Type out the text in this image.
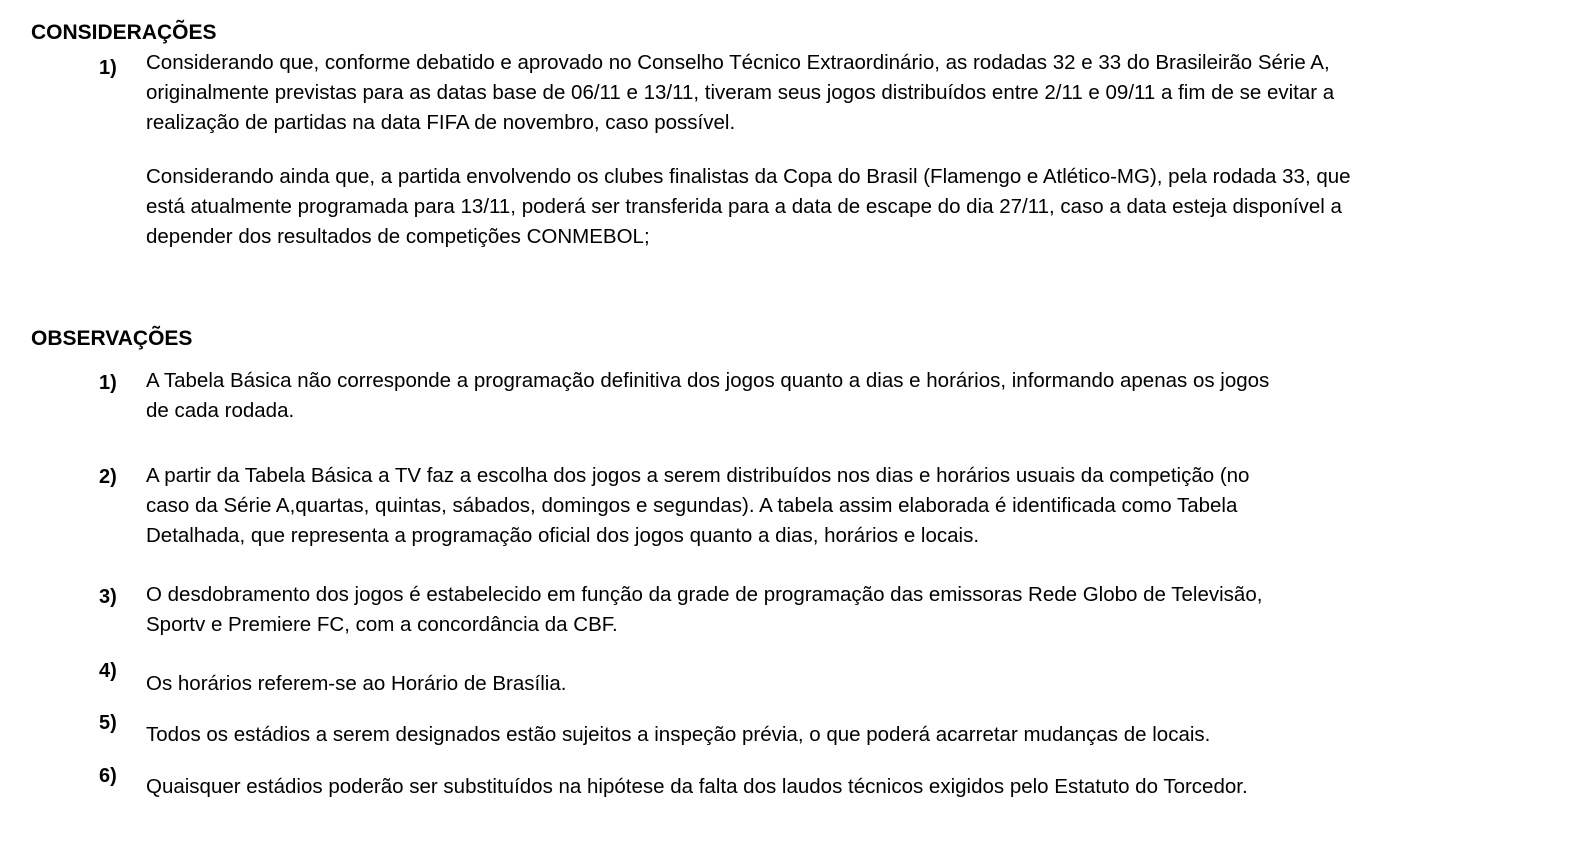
CONSIDERAÇÕES
1) Considerando que, conforme debatido e aprovado no Conselho Técnico Extraordinário, as rodadas 32 e 33 do Brasileirão Série A,
originalmente previstas para as datas base de 06/11 e 13/11, tiveram seus jogos distribuídos entre 2/11 e 09/11 a fim de se evitar a
realização de partidas na data FIFA de novembro, caso possível.

Considerando ainda que, a partida envolvendo os clubes finalistas da Copa do Brasil (Flamengo e Atlético-MG), pela rodada 33, que
está atualmente programada para 13/11, poderá ser transferida para a data de escape do dia 27/11, caso a data esteja disponível a
depender dos resultados de competições CONMEBOL;

OBSERVAÇÕES
1) A Tabela Básica não corresponde a programação definitiva dos jogos quanto a dias e horários, informando apenas os jogos
de cada rodada.

2) A partir da Tabela Básica a TV faz a escolha dos jogos a serem distribuídos nos dias e horários usuais da competição (no
caso da Série A,quartas, quintas, sábados, domingos e segundas). A tabela assim elaborada é identificada como Tabela
Detalhada, que representa a programação oficial dos jogos quanto a dias, horários e locais.

3) O desdobramento dos jogos é estabelecido em função da grade de programação das emissoras Rede Globo de Televisão,
Sportv e Premiere FC, com a concordância da CBF.

4)

Os horários referem-se ao Horário de Brasília.

5) Todos os estádios a serem designados estão sujeitos a inspeção prévia, o que poderá acarretar mudanças de locais.

6) Quaisquer estádios poderão ser substituídos na hipótese da falta dos laudos técnicos exigidos pelo Estatuto do Torcedor.
